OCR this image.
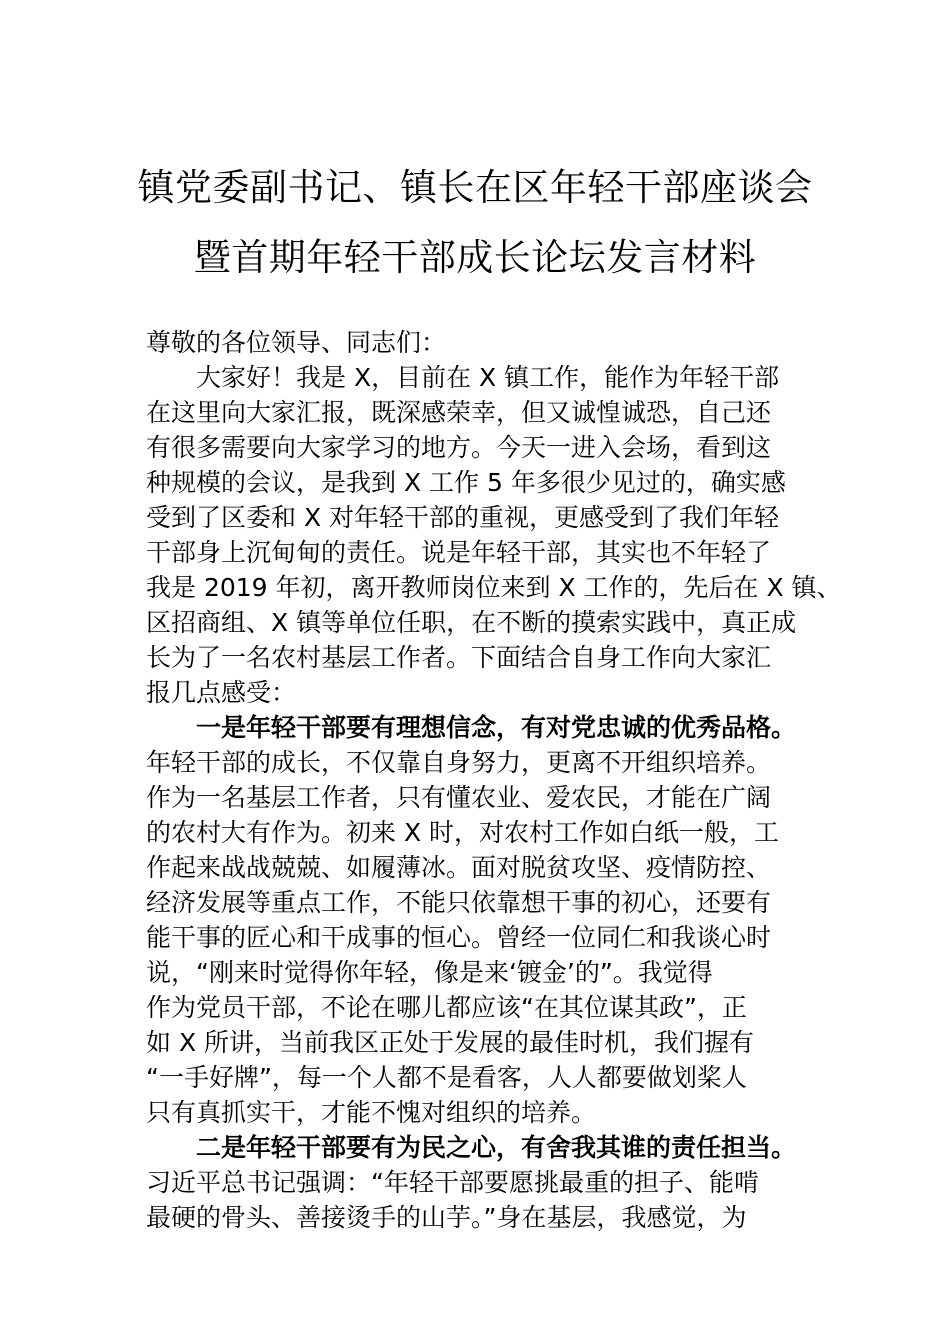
镇党委副书记、镇长在区年轻干部座谈会
暨首期年轻干部成长论坛发言材料
尊敬的各位领导、同志们：
大家好！我是 X，目前在 X 镇工作，能作为年轻干部
在这里向大家汇报，既深感荣幸，但又诚惶诚恐，自己还
有很多需要向大家学习的地方。今天一进入会场，看到这
种规模的会议，是我到 X 工作 5 年多很少见过的，确实感
受到了区委和 X 对年轻干部的重视，更感受到了我们年轻
干部身上沉甸甸的责任。说是年轻干部，其实也不年轻了
我是 2019 年初，离开教师岗位来到 X 工作的，先后在 X 镇、
区招商组、X 镇等单位任职，在不断的摸索实践中，真正成
长为了一名农村基层工作者。下面结合自身工作向大家汇
报几点感受：
一是年轻干部要有理想信念，有对党忠诚的优秀品格。
年轻干部的成长，不仅靠自身努力，更离不开组织培养。
作为一名基层工作者，只有懂农业、爱农民，才能在广阔
的农村大有作为。初来 X 时，对农村工作如白纸一般，工
作起来战战兢兢、如履薄冰。面对脱贫攻坚、疫情防控、
经济发展等重点工作，不能只依靠想干事的初心，还要有
能干事的匠心和干成事的恒心。曾经一位同仁和我谈心时
说，“刚来时觉得你年轻，像是来‘镀金’的”。我觉得
作为党员干部，不论在哪儿都应该“在其位谋其政”，正
如 X 所讲，当前我区正处于发展的最佳时机，我们握有
“一手好牌”，每一个人都不是看客，人人都要做划桨人
只有真抓实干，才能不愧对组织的培养。
二是年轻干部要有为民之心，有舍我其谁的责任担当。
习近平总书记强调：“年轻干部要愿挑最重的担子、能啃
最硬的骨头、善接烫手的山芋。”身在基层，我感觉，为
